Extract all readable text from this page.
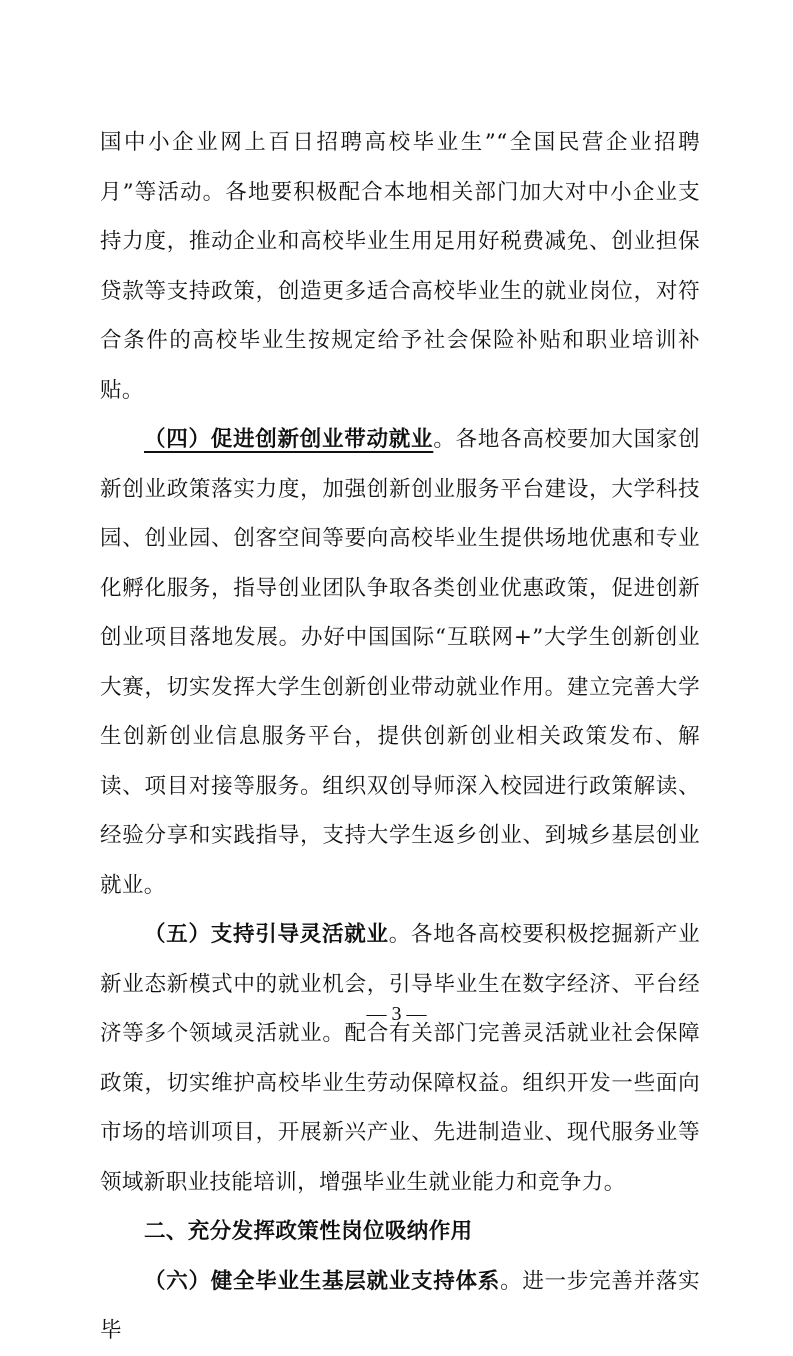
国中小企业网上百日招聘高校毕业生”“全国民营企业招聘月”等活动。各地要积极配合本地相关部门加大对中小企业支持力度，推动企业和高校毕业生用足用好税费减免、创业担保贷款等支持政策，创造更多适合高校毕业生的就业岗位，对符合条件的高校毕业生按规定给予社会保险补贴和职业培训补贴。

（四）促进创新创业带动就业。各地各高校要加大国家创新创业政策落实力度，加强创新创业服务平台建设，大学科技园、创业园、创客空间等要向高校毕业生提供场地优惠和专业化孵化服务，指导创业团队争取各类创业优惠政策，促进创新创业项目落地发展。办好中国国际“互联网+”大学生创新创业大赛，切实发挥大学生创新创业带动就业作用。建立完善大学生创新创业信息服务平台，提供创新创业相关政策发布、解读、项目对接等服务。组织双创导师深入校园进行政策解读、经验分享和实践指导，支持大学生返乡创业、到城乡基层创业就业。

（五）支持引导灵活就业。各地各高校要积极挖掘新产业新业态新模式中的就业机会，引导毕业生在数字经济、平台经济等多个领域灵活就业。配合有关部门完善灵活就业社会保障政策，切实维护高校毕业生劳动保障权益。组织开发一些面向市场的培训项目，开展新兴产业、先进制造业、现代服务业等领域新职业技能培训，增强毕业生就业能力和竞争力。

二、充分发挥政策性岗位吸纳作用

（六）健全毕业生基层就业支持体系。进一步完善并落实毕

— 3 —
